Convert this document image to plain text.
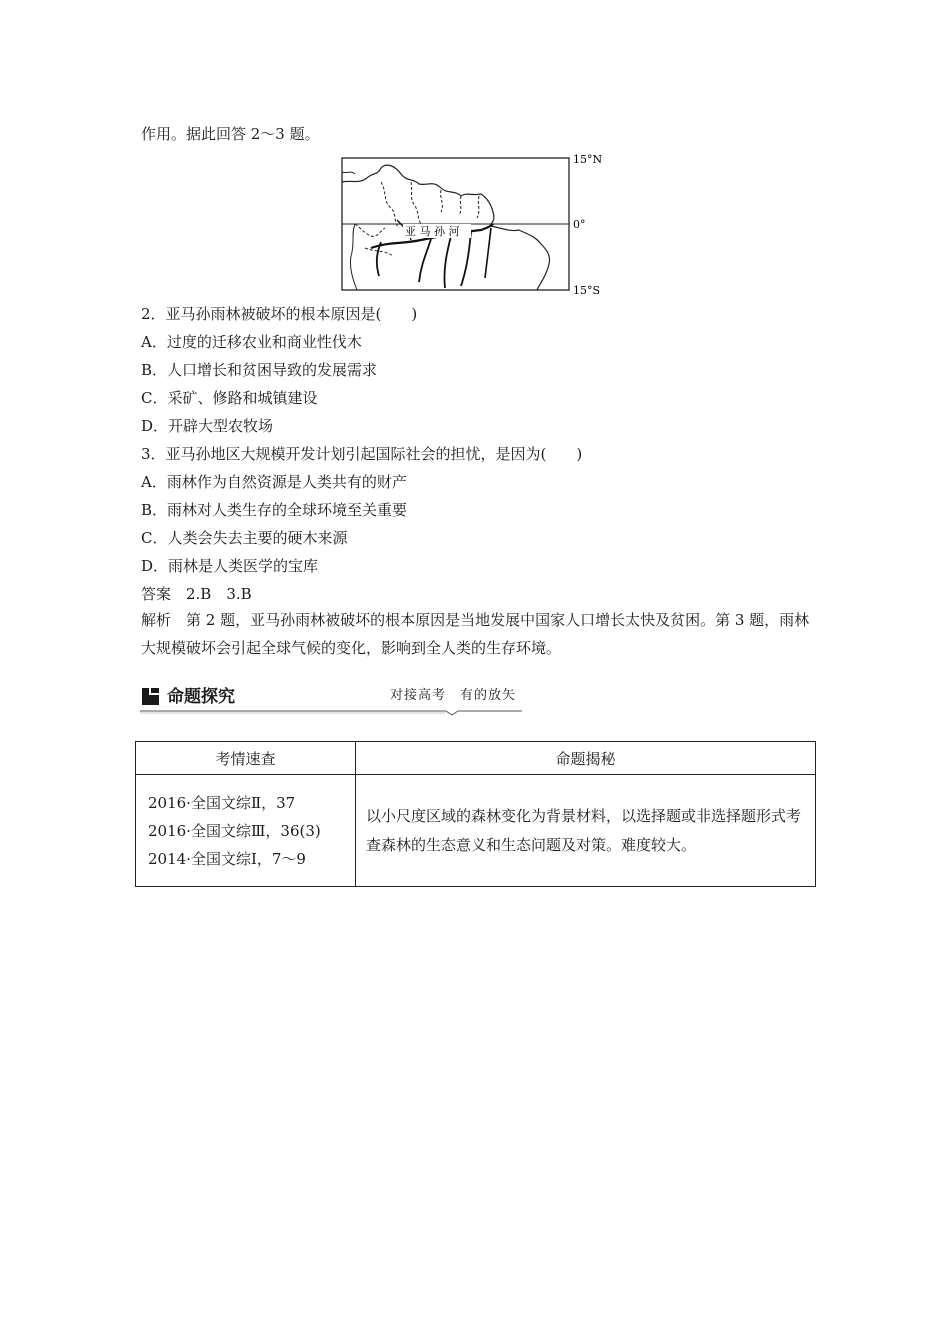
作用。据此回答 2～3 题。
亚 马 孙 河
15°N
0°
15°S
2．亚马孙雨林被破坏的根本原因是(　　)
A．过度的迁移农业和商业性伐木
B．人口增长和贫困导致的发展需求
C．采矿、修路和城镇建设
D．开辟大型农牧场
3．亚马孙地区大规模开发计划引起国际社会的担忧，是因为(　　)
A．雨林作为自然资源是人类共有的财产
B．雨林对人类生存的全球环境至关重要
C．人类会失去主要的硬木来源
D．雨林是人类医学的宝库
答案　2.B　3.B
解析　第 2 题，亚马孙雨林被破坏的根本原因是当地发展中国家人口增长太快及贫困。第 3 题，雨林大规模破坏会引起全球气候的变化，影响到全人类的生存环境。
命题探究	对接高考　有的放矢
考情速查	命题揭秘

2016·全国文综Ⅱ，37
2016·全国文综Ⅲ，36(3)
2014·全国文综Ⅰ，7～9	以小尺度区域的森林变化为背景材料，以选择题或非选择题形式考查森林的生态意义和生态问题及对策。难度较大。
